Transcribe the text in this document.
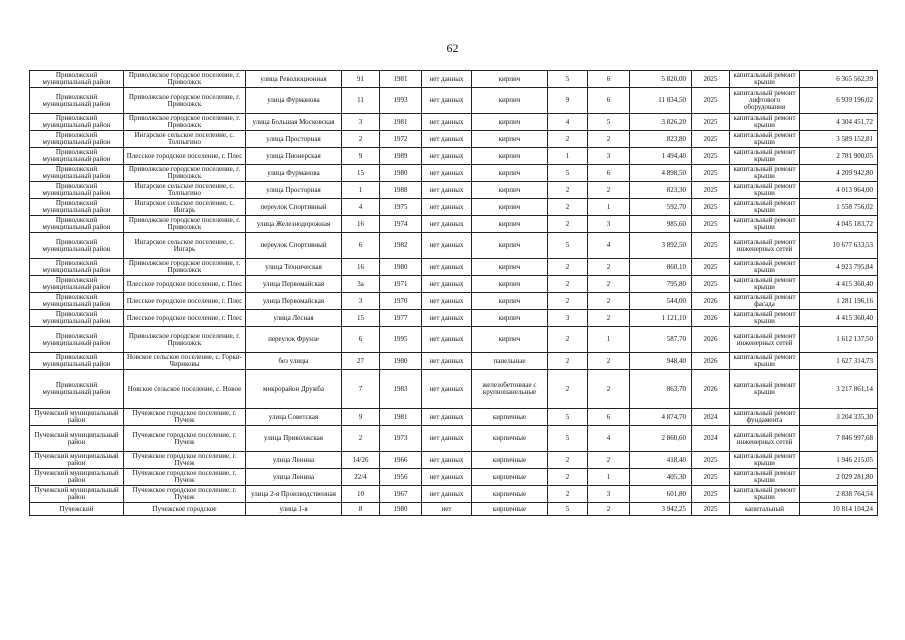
62
Приволжский муниципальный район	Приволжское городское поселение, г. Приволжск	улица Революционная	91	1981	нет данных	кирпич	5	6	5 820,00	2025	капитальный ремонт крыши	6 365 562,39
Приволжский муниципальный район	Приволжское городское поселение, г. Приволжск	улица Фурманова	11	1993	нет данных	кирпич	9	6	11 834,50	2025	капитальный ремонт лифтового оборудования	6 939 196,02
Приволжский муниципальный район	Приволжское городское поселение, г. Приволжск	улица Большая Московская	3	1981	нет данных	кирпич	4	5	3 826,20	2025	капитальный ремонт крыши	4 304 451,72
Приволжский муниципальный район	Ингарское сельское поселение, с. Толпыгино	улица Просторная	2	1972	нет данных	кирпич	2	2	823,80	2025	капитальный ремонт крыши	3 589 152,81
Приволжский муниципальный район	Плесское городское поселение, г. Плес	улица Пионерская	9	1989	нет данных	кирпич	1	3	1 494,40	2025	капитальный ремонт крыши	2 781 900,05
Приволжский муниципальный район	Приволжское городское поселение, г. Приволжск	улица Фурманова	15	1980	нет данных	кирпич	5	6	4 898,50	2025	капитальный ремонт крыши	4 209 942,80
Приволжский муниципальный район	Ингарское сельское поселение, с. Толпыгино	улица Просторная	1	1988	нет данных	кирпич	2	2	823,30	2025	капитальный ремонт крыши	4 013 964,00
Приволжский муниципальный район	Ингарское сельское поселение, с. Ингарь	переулок Спортивный	4	1975	нет данных	кирпич	2	1	592,70	2025	капитальный ремонт крыши	1 558 756,02
Приволжский муниципальный район	Приволжское городское поселение, г. Приволжск	улица Железнодорожная	16	1974	нет данных	кирпич	2	3	985,60	2025	капитальный ремонт крыши	4 045 183,72
Приволжский муниципальный район	Ингарское сельское поселение, с. Ингарь	переулок Спортивный	6	1982	нет данных	кирпич	5	4	3 892,50	2025	капитальный ремонт инженерных сетей	10 677 633,53
Приволжский муниципальный район	Приволжское городское поселение, г. Приволжск	улица Техническая	16	1980	нет данных	кирпич	2	2	860,10	2025	капитальный ремонт крыши	4 923 795,84
Приволжский муниципальный район	Плесское городское поселение, г. Плес	улица Первомайская	3а	1971	нет данных	кирпич	2	2	795,80	2025	капитальный ремонт крыши	4 415 360,40
Приволжский муниципальный район	Плесское городское поселение, г. Плес	улица Первомайская	3	1970	нет данных	кирпич	2	2	544,00	2026	капитальный ремонт фасада	1 281 196,16
Приволжский муниципальный район	Плесское городское поселение, г. Плес	улица Лесная	15	1977	нет данных	кирпич	3	2	1 121,10	2026	капитальный ремонт крыши	4 415 360,40
Приволжский муниципальный район	Приволжское городское поселение, г. Приволжск	переулок Фрунзе	6	1995	нет данных	кирпич	2	1	587,70	2026	капитальный ремонт инженерных сетей	1 612 137,50
Приволжский муниципальный район	Новское сельское поселение, с. Горки-Чириковы	без улицы	27	1980	нет данных	панельные	2	2	948,40	2026	капитальный ремонт крыши	1 627 314,73
Приволжский муниципальный район	Новское сельское поселение, с. Новое	микрорайон Дружба	7	1983	нет данных	железобетонные с крупнопанельные	2	2	863,70	2026	капитальный ремонт крыши	3 217 861,14
Пучежский муниципальный район	Пучежское городское поселение, г. Пучеж	улица Советская	9	1981	нет данных	кирпичные	5	6	4 874,70	2024	капитальный ремонт фундамента	3 204 335,30
Пучежский муниципальный район	Пучежское городское поселение, г. Пучеж	улица Приволжская	2	1973	нет данных	кирпичные	5	4	2 860,60	2024	капитальный ремонт инженерных сетей	7 846 997,68
Пучежский муниципальный район	Пучежское городское поселение, г. Пучеж	улица Ленина	14/26	1966	нет данных	кирпичные	2	2	418,40	2025	капитальный ремонт крыши	1 946 215,05
Пучежский муниципальный район	Пучежское городское поселение, г. Пучеж	улица Ленина	22/4	1956	нет данных	кирпичные	2	1	405,30	2025	капитальный ремонт крыши	2 029 281,80
Пучежский муниципальный район	Пучежское городское поселение, г. Пучеж	улица 2-я Производственная	10	1967	нет данных	кирпичные	2	3	601,80	2025	капитальный ремонт крыши	2 838 764,54
Пучежский	Пучежское городское	улица 1-я	8	1980	нет	кирпичные	5	2	3 942,25	2025	капитальный	10 814 104,24
